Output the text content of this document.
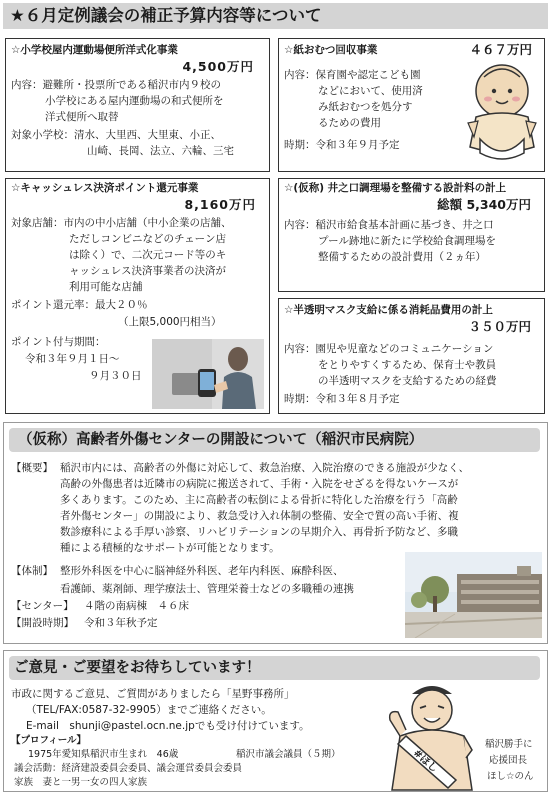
★６月定例議会の補正予算内容等について
☆小学校屋内運動場便所洋式化事業
4,500万円
内容：避難所・投票所である稲沢市内９校の
小学校にある屋内運動場の和式便所を
洋式便所へ取替
対象小学校：清水、大里西、大里東、小正、
山崎、長岡、法立、六輪、三宅
☆紙おむつ回収事業	４６７万円
内容：保育園や認定こども園
などにおいて、使用済
み紙おむつを処分す
るための費用
時期：令和３年９月予定
☆キャッシュレス決済ポイント還元事業
8,160万円
対象店舗：市内の中小店舗（中小企業の店舗、
ただしコンビニなどのチェーン店
は除く）で、二次元コード等のキ
ャッシュレス決済事業者の決済が
利用可能な店舗
ポイント還元率：最大２０％
（上限5,000円相当）
ポイント付与期間：
令和３年９月１日～
９月３０日
☆(仮称) 井之口調理場を整備する設計料の計上
総額 5,340万円
内容：稲沢市給食基本計画に基づき、井之口
プール跡地に新たに学校給食調理場を
整備するための設計費用（２ヵ年）
☆半透明マスク支給に係る消耗品費用の計上
３５０万円
内容：園児や児童などのコミュニケーション
をとりやすくするため、保育士や教員
の半透明マスクを支給するための経費
時期：令和３年８月予定
（仮称）高齢者外傷センターの開設について（稲沢市民病院）
【概要】 稲沢市内には、高齢者の外傷に対応して、救急治療、入院治療のできる施設が少なく、
高齢の外傷患者は近隣市の病院に搬送されて、手術・入院をせざるを得ないケースが
多くあります。このため、主に高齢者の転倒による骨折に特化した治療を行う「高齢
者外傷センター」の開設により、救急受け入れ体制の整備、安全で質の高い手術、複
数診療科による手厚い診察、リハビリテーションの早期介入、再骨折予防など、多職
種による積極的なサポートが可能となります。
【体制】 整形外科医を中心に脳神経外科医、老年内科医、麻酔科医、
看護師、薬剤師、理学療法士、管理栄養士などの多職種の連携
【センター】 ４階の南病棟　４６床
【開設時期】 令和３年秋予定
ご意見・ご要望をお待ちしています！
市政に関するご意見、ご質問がありましたら「星野事務所」
（TEL/FAX:0587-32-9905）までご連絡ください。
E-mail　shunji@pastel.ocn.ne.jpでも受け付けています。
【プロフィール】
1975年愛知県稲沢市生まれ　46歳	稲沢市議会議員（５期）
議会活動：経済建設委員会委員、議会運営委員会委員
家族　妻と一男一女の四人家族
#ほし
稲沢勝手に
応援団長
ほし☆のん
